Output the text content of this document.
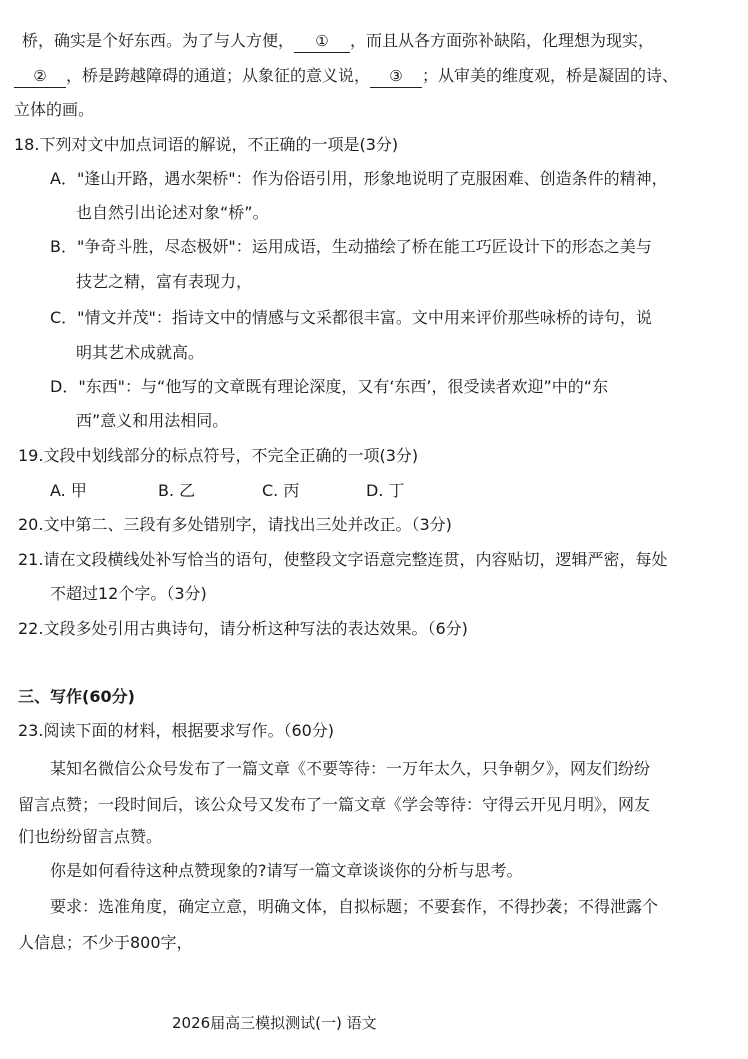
桥，确实是个好东西。为了与人方便， ① ，而且从各方面弥补缺陷，化理想为现实，
② ，桥是跨越障碍的通道；从象征的意义说， ③ ；从审美的维度观，桥是凝固的诗、
立体的画。
18.下列对文中加点词语的解说，不正确的一项是(3分)
A．"逢山开路，遇水架桥"：作为俗语引用，形象地说明了克服困难、创造条件的精神，
也自然引出论述对象“桥”。
B．"争奇斗胜，尽态极妍"：运用成语，生动描绘了桥在能工巧匠设计下的形态之美与
技艺之精，富有表现力，
C．"情文并茂"：指诗文中的情感与文采都很丰富。文中用来评价那些咏桥的诗句，说
明其艺术成就高。
D．"东西"：与“他写的文章既有理论深度，又有‘东西’，很受读者欢迎”中的“东
西”意义和用法相同。
19.文段中划线部分的标点符号，不完全正确的一项(3分)
A. 甲	B. 乙	C. 丙	D. 丁
20.文中第二、三段有多处错别字，请找出三处并改正。（3分)
21.请在文段横线处补写恰当的语句，使整段文字语意完整连贯，内容贴切，逻辑严密，每处
不超过12个字。（3分)
22.文段多处引用古典诗句，请分析这种写法的表达效果。（6分)
三、写作(60分)
23.阅读下面的材料，根据要求写作。（60分)
某知名微信公众号发布了一篇文章《不要等待：一万年太久，只争朝夕》，网友们纷纷
留言点赞；一段时间后，该公众号又发布了一篇文章《学会等待：守得云开见月明》，网友
们也纷纷留言点赞。
你是如何看待这种点赞现象的?请写一篇文章谈谈你的分析与思考。
要求：选准角度，确定立意，明确文体，自拟标题；不要套作，不得抄袭；不得泄露个
人信息；不少于800字，
2026届高三模拟测试(一) 语文
